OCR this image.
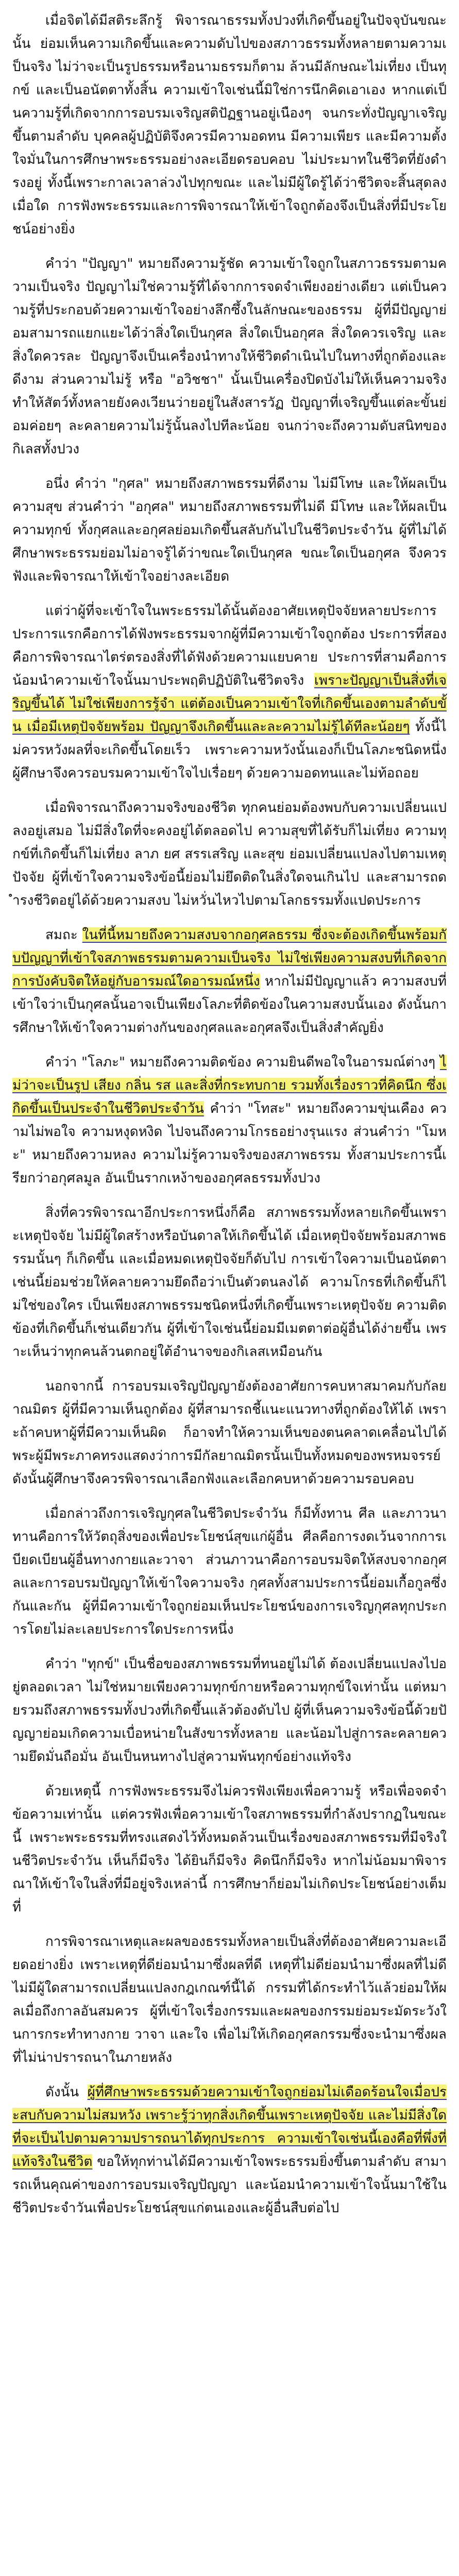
เมื่อจิตได้มีสติระลึกรู้ พิจารณาธรรมทั้งปวงที่เกิดขึ้นอยู่ในปัจจุบันขณะนั้น ย่อมเห็นความเกิดขึ้นและความดับไปของสภาวธรรมทั้งหลายตามความเป็นจริง ไม่ว่าจะเป็นรูปธรรมหรือนามธรรมก็ตาม ล้วนมีลักษณะไม่เที่ยง เป็นทุกข์ และเป็นอนัตตาทั้งสิ้น ความเข้าใจเช่นนี้มิใช่การนึกคิดเอาเอง หากแต่เป็นความรู้ที่เกิดจากการอบรมเจริญสติปัฏฐานอยู่เนืองๆ จนกระทั่งปัญญาเจริญขึ้นตามลำดับ บุคคลผู้ปฏิบัติจึงควรมีความอดทน มีความเพียร และมีความตั้งใจมั่นในการศึกษาพระธรรมอย่างละเอียดรอบคอบ ไม่ประมาทในชีวิตที่ยังดำรงอยู่ ทั้งนี้เพราะกาลเวลาล่วงไปทุกขณะ และไม่มีผู้ใดรู้ได้ว่าชีวิตจะสิ้นสุดลงเมื่อใด การฟังพระธรรมและการพิจารณาให้เข้าใจถูกต้องจึงเป็นสิ่งที่มีประโยชน์อย่างยิ่ง

คำว่า "ปัญญา" หมายถึงความรู้ชัด ความเข้าใจถูกในสภาวธรรมตามความเป็นจริง ปัญญาไม่ใช่ความรู้ที่ได้จากการจดจำเพียงอย่างเดียว แต่เป็นความรู้ที่ประกอบด้วยความเข้าใจอย่างลึกซึ้งในลักษณะของธรรม ผู้ที่มีปัญญาย่อมสามารถแยกแยะได้ว่าสิ่งใดเป็นกุศล สิ่งใดเป็นอกุศล สิ่งใดควรเจริญ และสิ่งใดควรละ ปัญญาจึงเป็นเครื่องนำทางให้ชีวิตดำเนินไปในทางที่ถูกต้องและดีงาม ส่วนความไม่รู้ หรือ "อวิชชา" นั้นเป็นเครื่องปิดบังไม่ให้เห็นความจริง ทำให้สัตว์ทั้งหลายยังคงเวียนว่ายอยู่ในสังสารวัฏ ปัญญาที่เจริญขึ้นแต่ละขั้นย่อมค่อยๆ ละคลายความไม่รู้นั้นลงไปทีละน้อย จนกว่าจะถึงความดับสนิทของกิเลสทั้งปวง

อนึ่ง คำว่า "กุศล" หมายถึงสภาพธรรมที่ดีงาม ไม่มีโทษ และให้ผลเป็นความสุข ส่วนคำว่า "อกุศล" หมายถึงสภาพธรรมที่ไม่ดี มีโทษ และให้ผลเป็นความทุกข์ ทั้งกุศลและอกุศลย่อมเกิดขึ้นสลับกันไปในชีวิตประจำวัน ผู้ที่ไม่ได้ศึกษาพระธรรมย่อมไม่อาจรู้ได้ว่าขณะใดเป็นกุศล ขณะใดเป็นอกุศล จึงควรฟังและพิจารณาให้เข้าใจอย่างละเอียด

แต่ว่าผู้ที่จะเข้าใจในพระธรรมได้นั้นต้องอาศัยเหตุปัจจัยหลายประการ ประการแรกคือการได้ฟังพระธรรมจากผู้ที่มีความเข้าใจถูกต้อง ประการที่สองคือการพิจารณาไตร่ตรองสิ่งที่ได้ฟังด้วยความแยบคาย ประการที่สามคือการน้อมนำความเข้าใจนั้นมาประพฤติปฏิบัติในชีวิตจริง เพราะปัญญาเป็นสิ่งที่เจริญขึ้นได้ ไม่ใช่เพียงการรู้จำ แต่ต้องเป็นความเข้าใจที่เกิดขึ้นเองตามลำดับขั้น เมื่อมีเหตุปัจจัยพร้อม ปัญญาจึงเกิดขึ้นและละความไม่รู้ได้ทีละน้อยๆ ทั้งนี้ไม่ควรหวังผลที่จะเกิดขึ้นโดยเร็ว เพราะความหวังนั้นเองก็เป็นโลภะชนิดหนึ่ง ผู้ศึกษาจึงควรอบรมความเข้าใจไปเรื่อยๆ ด้วยความอดทนและไม่ท้อถอย

เมื่อพิจารณาถึงความจริงของชีวิต ทุกคนย่อมต้องพบกับความเปลี่ยนแปลงอยู่เสมอ ไม่มีสิ่งใดที่จะคงอยู่ได้ตลอดไป ความสุขที่ได้รับก็ไม่เที่ยง ความทุกข์ที่เกิดขึ้นก็ไม่เที่ยง ลาภ ยศ สรรเสริญ และสุข ย่อมเปลี่ยนแปลงไปตามเหตุปัจจัย ผู้ที่เข้าใจความจริงข้อนี้ย่อมไม่ยึดติดในสิ่งใดจนเกินไป และสามารถดำรงชีวิตอยู่ได้ด้วยความสงบ ไม่หวั่นไหวไปตามโลกธรรมทั้งแปดประการ

สมถะ ในที่นี้หมายถึงความสงบจากอกุศลธรรม ซึ่งจะต้องเกิดขึ้นพร้อมกับปัญญาที่เข้าใจสภาพธรรมตามความเป็นจริง ไม่ใช่เพียงความสงบที่เกิดจากการบังคับจิตให้อยู่กับอารมณ์ใดอารมณ์หนึ่ง หากไม่มีปัญญาแล้ว ความสงบที่เข้าใจว่าเป็นกุศลนั้นอาจเป็นเพียงโลภะที่ติดข้องในความสงบนั้นเอง ดังนั้นการศึกษาให้เข้าใจความต่างกันของกุศลและอกุศลจึงเป็นสิ่งสำคัญยิ่ง

คำว่า "โลภะ" หมายถึงความติดข้อง ความยินดีพอใจในอารมณ์ต่างๆ ไม่ว่าจะเป็นรูป เสียง กลิ่น รส และสิ่งที่กระทบกาย รวมทั้งเรื่องราวที่คิดนึก ซึ่งเกิดขึ้นเป็นประจำในชีวิตประจำวัน คำว่า "โทสะ" หมายถึงความขุ่นเคือง ความไม่พอใจ ความหงุดหงิด ไปจนถึงความโกรธอย่างรุนแรง ส่วนคำว่า "โมหะ" หมายถึงความหลง ความไม่รู้ความจริงของสภาพธรรม ทั้งสามประการนี้เรียกว่าอกุศลมูล อันเป็นรากเหง้าของอกุศลธรรมทั้งปวง

สิ่งที่ควรพิจารณาอีกประการหนึ่งก็คือ สภาพธรรมทั้งหลายเกิดขึ้นเพราะเหตุปัจจัย ไม่มีผู้ใดสร้างหรือบันดาลให้เกิดขึ้นได้ เมื่อเหตุปัจจัยพร้อมสภาพธรรมนั้นๆ ก็เกิดขึ้น และเมื่อหมดเหตุปัจจัยก็ดับไป การเข้าใจความเป็นอนัตตาเช่นนี้ย่อมช่วยให้คลายความยึดถือว่าเป็นตัวตนลงได้ ความโกรธที่เกิดขึ้นก็ไม่ใช่ของใคร เป็นเพียงสภาพธรรมชนิดหนึ่งที่เกิดขึ้นเพราะเหตุปัจจัย ความติดข้องที่เกิดขึ้นก็เช่นเดียวกัน ผู้ที่เข้าใจเช่นนี้ย่อมมีเมตตาต่อผู้อื่นได้ง่ายขึ้น เพราะเห็นว่าทุกคนล้วนตกอยู่ใต้อำนาจของกิเลสเหมือนกัน

นอกจากนี้ การอบรมเจริญปัญญายังต้องอาศัยการคบหาสมาคมกับกัลยาณมิตร ผู้ที่มีความเห็นถูกต้อง ผู้ที่สามารถชี้แนะแนวทางที่ถูกต้องให้ได้ เพราะถ้าคบหาผู้ที่มีความเห็นผิด ก็อาจทำให้ความเห็นของตนคลาดเคลื่อนไปได้ พระผู้มีพระภาคทรงแสดงว่าการมีกัลยาณมิตรนั้นเป็นทั้งหมดของพรหมจรรย์ ดังนั้นผู้ศึกษาจึงควรพิจารณาเลือกฟังและเลือกคบหาด้วยความรอบคอบ

เมื่อกล่าวถึงการเจริญกุศลในชีวิตประจำวัน ก็มีทั้งทาน ศีล และภาวนา ทานคือการให้วัตถุสิ่งของเพื่อประโยชน์สุขแก่ผู้อื่น ศีลคือการงดเว้นจากการเบียดเบียนผู้อื่นทางกายและวาจา ส่วนภาวนาคือการอบรมจิตให้สงบจากอกุศลและการอบรมปัญญาให้เข้าใจความจริง กุศลทั้งสามประการนี้ย่อมเกื้อกูลซึ่งกันและกัน ผู้ที่มีความเข้าใจถูกย่อมเห็นประโยชน์ของการเจริญกุศลทุกประการโดยไม่ละเลยประการใดประการหนึ่ง

คำว่า "ทุกข์" เป็นชื่อของสภาพธรรมที่ทนอยู่ไม่ได้ ต้องเปลี่ยนแปลงไปอยู่ตลอดเวลา ไม่ใช่หมายเพียงความทุกข์กายหรือความทุกข์ใจเท่านั้น แต่หมายรวมถึงสภาพธรรมทั้งปวงที่เกิดขึ้นแล้วต้องดับไป ผู้ที่เห็นความจริงข้อนี้ด้วยปัญญาย่อมเกิดความเบื่อหน่ายในสังขารทั้งหลาย และน้อมไปสู่การละคลายความยึดมั่นถือมั่น อันเป็นหนทางไปสู่ความพ้นทุกข์อย่างแท้จริง

ด้วยเหตุนี้ การฟังพระธรรมจึงไม่ควรฟังเพียงเพื่อความรู้ หรือเพื่อจดจำข้อความเท่านั้น แต่ควรฟังเพื่อความเข้าใจสภาพธรรมที่กำลังปรากฏในขณะนี้ เพราะพระธรรมที่ทรงแสดงไว้ทั้งหมดล้วนเป็นเรื่องของสภาพธรรมที่มีจริงในชีวิตประจำวัน เห็นก็มีจริง ได้ยินก็มีจริง คิดนึกก็มีจริง หากไม่น้อมมาพิจารณาให้เข้าใจในสิ่งที่มีอยู่จริงเหล่านี้ การศึกษาก็ย่อมไม่เกิดประโยชน์อย่างเต็มที่

การพิจารณาเหตุและผลของธรรมทั้งหลายเป็นสิ่งที่ต้องอาศัยความละเอียดอย่างยิ่ง เพราะเหตุที่ดีย่อมนำมาซึ่งผลที่ดี เหตุที่ไม่ดีย่อมนำมาซึ่งผลที่ไม่ดี ไม่มีผู้ใดสามารถเปลี่ยนแปลงกฎเกณฑ์นี้ได้ กรรมที่ได้กระทำไว้แล้วย่อมให้ผลเมื่อถึงกาลอันสมควร ผู้ที่เข้าใจเรื่องกรรมและผลของกรรมย่อมระมัดระวังในการกระทำทางกาย วาจา และใจ เพื่อไม่ให้เกิดอกุศลกรรมซึ่งจะนำมาซึ่งผลที่ไม่น่าปรารถนาในภายหลัง

ดังนั้น ผู้ที่ศึกษาพระธรรมด้วยความเข้าใจถูกย่อมไม่เดือดร้อนใจเมื่อประสบกับความไม่สมหวัง เพราะรู้ว่าทุกสิ่งเกิดขึ้นเพราะเหตุปัจจัย และไม่มีสิ่งใดที่จะเป็นไปตามความปรารถนาได้ทุกประการ ความเข้าใจเช่นนี้เองคือที่พึ่งที่แท้จริงในชีวิต ขอให้ทุกท่านได้มีความเข้าใจพระธรรมยิ่งขึ้นตามลำดับ สามารถเห็นคุณค่าของการอบรมเจริญปัญญา และน้อมนำความเข้าใจนั้นมาใช้ในชีวิตประจำวันเพื่อประโยชน์สุขแก่ตนเองและผู้อื่นสืบต่อไป
